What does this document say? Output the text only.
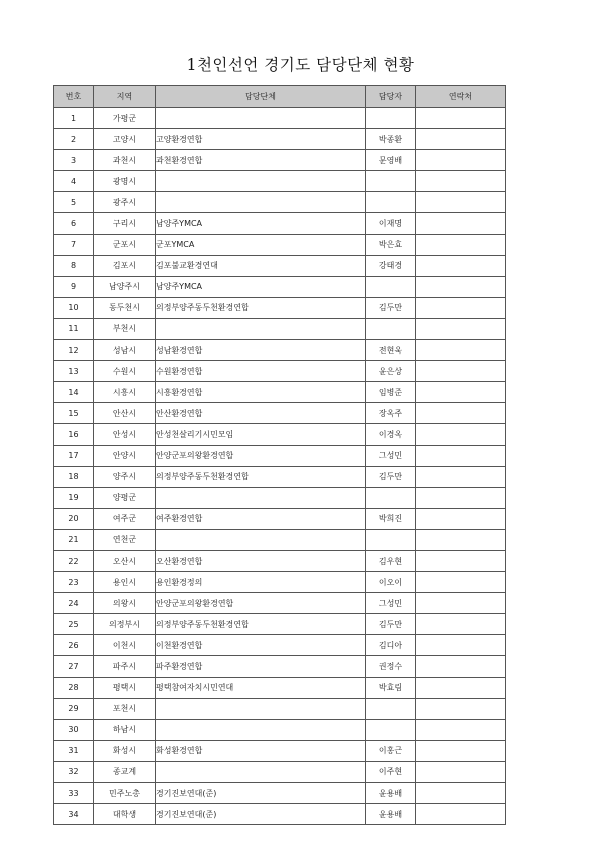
1천인선언 경기도 담당단체 현황
번호	지역	담당단체	담당자	연락처
1	가평군			
2	고양시	고양환경연합	박종환	
3	과천시	과천환경연합	문영배	
4	광명시			
5	광주시			
6	구리시	남양주YMCA	이재명	
7	군포시	군포YMCA	박은효	
8	김포시	김포불교환경연대	강태경	
9	남양주시	남양주YMCA		
10	동두천시	의정부양주동두천환경연합	김두만	
11	부천시			
12	성남시	성남환경연합	전현욱	
13	수원시	수원환경연합	윤은상	
14	시흥시	시흥환경연합	임병준	
15	안산시	안산환경연합	장옥주	
16	안성시	안성천살리기시민모임	이경옥	
17	안양시	안양군포의왕환경연합	그성민	
18	양주시	의정부양주동두천환경연합	김두만	
19	양평군			
20	여주군	여주환경연합	박희진	
21	연천군			
22	오산시	오산환경연합	김우현	
23	용인시	용인환경정의	이오이	
24	의왕시	안양군포의왕환경연합	그성민	
25	의정부시	의정부양주동두천환경연합	김두만	
26	이천시	이천환경연합	김디아	
27	파주시	파주환경연합	권정수	
28	평택시	평택참여자치시민연대	박효림	
29	포천시			
30	하남시			
31	화성시	화성환경연합	이홍근	
32	종교계		이주현	
33	민주노총	경기진보연대(준)	윤용배	
34	대학생	경기진보연대(준)	윤용배	
